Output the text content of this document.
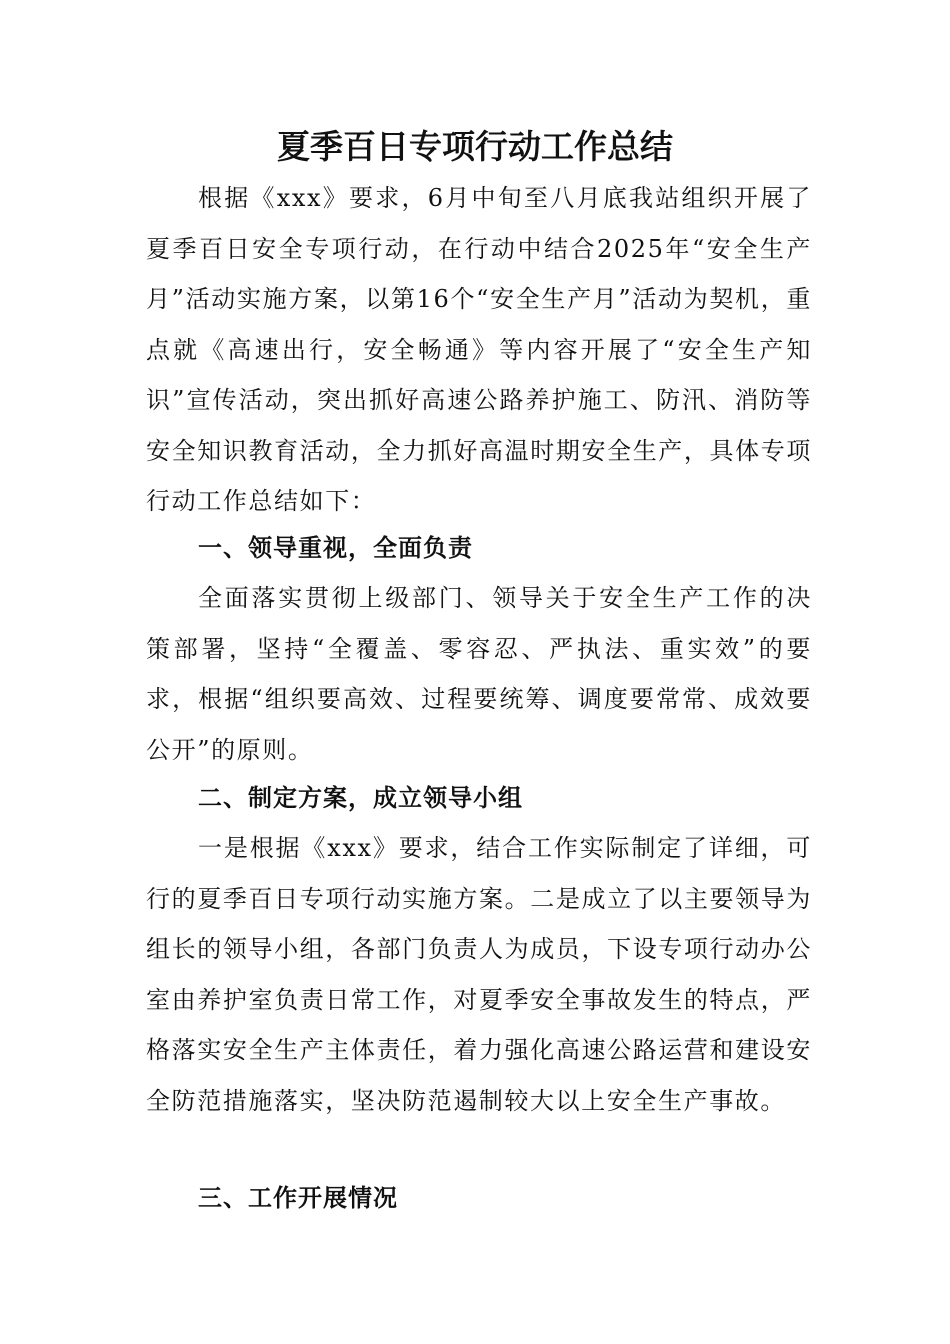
夏季百日专项行动工作总结

根据《xxx》要求，6月中旬至八月底我站组织开展了夏季百日安全专项行动，在行动中结合2025年“安全生产月”活动实施方案，以第16个“安全生产月”活动为契机，重点就《高速出行，安全畅通》等内容开展了“安全生产知识”宣传活动，突出抓好高速公路养护施工、防汛、消防等安全知识教育活动，全力抓好高温时期安全生产，具体专项行动工作总结如下：

一、领导重视，全面负责

全面落实贯彻上级部门、领导关于安全生产工作的决策部署，坚持“全覆盖、零容忍、严执法、重实效”的要求，根据“组织要高效、过程要统筹、调度要常常、成效要公开”的原则。

二、制定方案，成立领导小组

一是根据《xxx》要求，结合工作实际制定了详细，可行的夏季百日专项行动实施方案。二是成立了以主要领导为组长的领导小组，各部门负责人为成员，下设专项行动办公室由养护室负责日常工作，对夏季安全事故发生的特点，严格落实安全生产主体责任，着力强化高速公路运营和建设安全防范措施落实，坚决防范遏制较大以上安全生产事故。

三、工作开展情况
